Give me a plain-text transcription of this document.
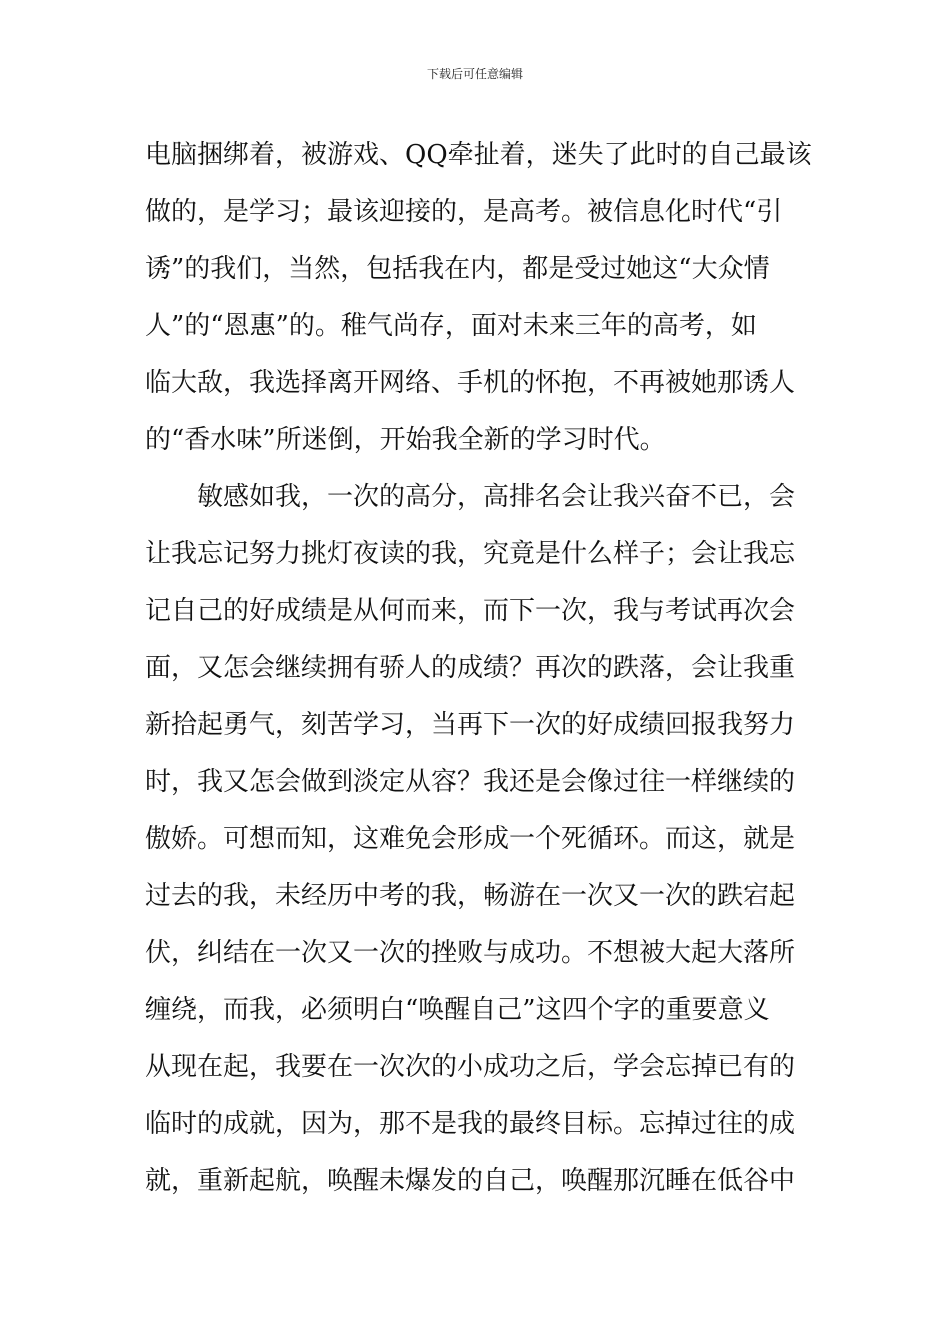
下载后可任意编辑
电脑捆绑着，被游戏、QQ牵扯着，迷失了此时的自己最该
做的，是学习；最该迎接的，是高考。被信息化时代“引
诱”的我们，当然，包括我在内，都是受过她这“大众情
人”的“恩惠”的。稚气尚存，面对未来三年的高考，如
临大敌，我选择离开网络、手机的怀抱，不再被她那诱人
的“香水味”所迷倒，开始我全新的学习时代。
敏感如我，一次的高分，高排名会让我兴奋不已，会
让我忘记努力挑灯夜读的我，究竟是什么样子；会让我忘
记自己的好成绩是从何而来，而下一次，我与考试再次会
面，又怎会继续拥有骄人的成绩？再次的跌落，会让我重
新拾起勇气，刻苦学习，当再下一次的好成绩回报我努力
时，我又怎会做到淡定从容？我还是会像过往一样继续的
傲娇。可想而知，这难免会形成一个死循环。而这，就是
过去的我，未经历中考的我，畅游在一次又一次的跌宕起
伏，纠结在一次又一次的挫败与成功。不想被大起大落所
缠绕，而我，必须明白“唤醒自己”这四个字的重要意义
从现在起，我要在一次次的小成功之后，学会忘掉已有的
临时的成就，因为，那不是我的最终目标。忘掉过往的成
就，重新起航，唤醒未爆发的自己，唤醒那沉睡在低谷中
